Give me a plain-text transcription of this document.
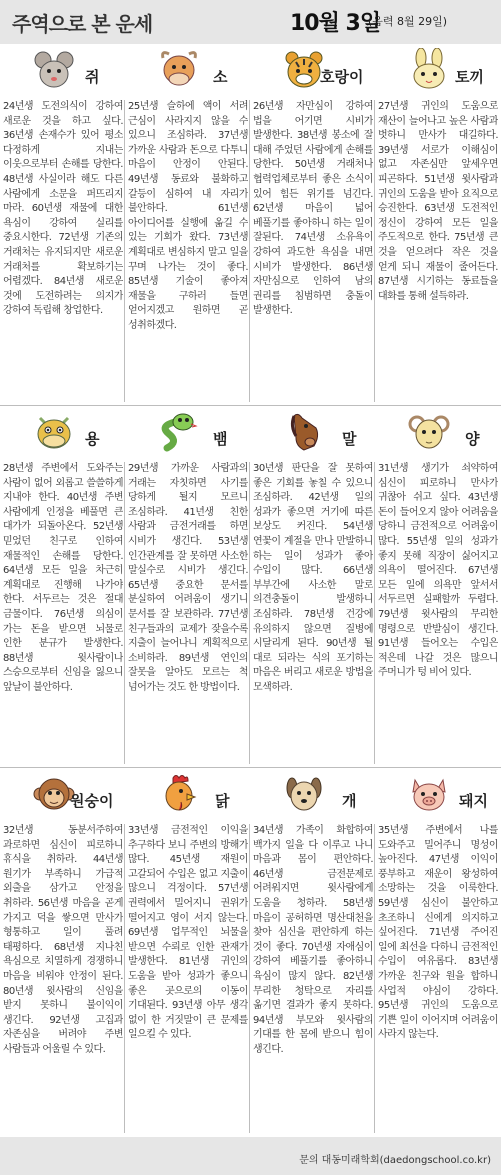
주역으로 본 운세	10월 3일
(음력 8월 29일)
쥐
24년생 도전의식이 강하여 새로운 것을 하고 싶다. 36년생 손재수가 있어 평소 다정하게 지내는 이웃으로부터 손해를 당한다. 48년생 사실이라 해도 다른 사람에게 소문을 퍼뜨리지 마라. 60년생 재물에 대한 욕심이 강하여 실리를 중요시한다. 72년생 기존의 거래처는 유지되지만 새로운 거래처를 확보하기는 어렵겠다. 84년생 새로운 것에 도전하려는 의지가 강하여 독립해 창업한다.
소
25년생 슬하에 액이 서려 근심이 사라지지 않을 수 있으니 조심하라. 37년생 가까운 사람과 돈으로 다투니 마음이 안정이 안된다. 49년생 동료와 불화하고 갈등이 심하여 내 자리가 불안하다. 61년생 아이디어를 실행에 옮길 수 있는 기회가 왔다. 73년생 계획대로 변심하지 말고 일을 꾸며 나가는 것이 좋다. 85년생 기술이 좋아져 재물을 구하러 들면 얻어지겠고 원하면 곧 성취하겠다.
호랑이
26년생 자만심이 강하여 법을 어기면 시비가 발생한다. 38년생 봉소에 잘 대해 주었던 사람에게 손해를 당한다. 50년생 거래처나 협력업체로부터 좋은 소식이 있어 힘든 위기를 넘긴다. 62년생 마음이 넓어 베풀기를 좋아하니 하는 일이 잘된다. 74년생 소유욕이 강하여 과도한 욕심을 내면 시비가 발생한다. 86년생 자만심으로 인하여 남의 권리를 침범하면 충돌이 발생한다.
토끼
27년생 귀인의 도움으로 재산이 늘어나고 높은 사람과 벗하니 만사가 대길하다. 39년생 서로가 이해심이 없고 자존심만 앞세우면 피곤하다. 51년생 윗사람과 귀인의 도움을 받아 요직으로 승진한다. 63년생 도전적인 정신이 강하여 모든 일을 주도적으로 한다. 75년생 큰 것을 얻으려다 작은 것을 얻게 되니 재물이 줄어든다. 87년생 시기하는 동료들을 대화를 통해 설득하라.
용
28년생 주변에서 도와주는 사람이 없어 외롭고 쓸쓸하게 지내야 한다. 40년생 주변 사람에게 인정을 베풀면 큰 대가가 되돌아온다. 52년생 믿었던 친구로 인하여 재물적인 손해를 당한다. 64년생 모든 일을 차근히 계획대로 진행해 나가야 한다. 서두르는 것은 절대 금물이다. 76년생 의심이 가는 돈을 받으면 뇌물로 인한 분규가 발생한다. 88년생 윗사람이나 스승으로부터 신임을 잃으니 앞날이 불안하다.
뱀
29년생 가까운 사람과의 거래는 자칫하면 사기를 당하게 될지 모르니 조심하라. 41년생 친한 사람과 금전거래를 하면 시비가 생긴다. 53년생 인간관계를 잘 못하면 사소한 말실수로 시비가 생긴다. 65년생 중요한 문서를 분실하여 어려움이 생기니 문서를 잘 보관하라. 77년생 친구들과의 교제가 잦을수록 지출이 늘어나니 계획적으로 소비하라. 89년생 연인의 잘못을 알아도 모르는 척 넘어가는 것도 한 방법이다.
말
30년생 판단을 잘 못하여 좋은 기회를 놓칠 수 있으니 조심하라. 42년생 일의 성과가 좋으면 거기에 따른 보상도 커진다. 54년생 연꽃이 계절을 만나 만발하니 하는 일이 성과가 좋아 수입이 많다. 66년생 부부간에 사소한 말로 의견충돌이 발생하니 조심하라. 78년생 건강에 유의하지 않으면 질병에 시달리게 된다. 90년생 될 대로 되라는 식의 포기하는 마음은 버리고 새로운 방법을 모색하라.
양
31년생 생기가 쇠약하여 심신이 피로하니 만사가 귀찮아 쉬고 싶다. 43년생 돈이 들어오지 않아 어려움을 당하니 금전적으로 어려움이 많다. 55년생 일의 성과가 좋지 못해 직장이 싫어지고 의욕이 떨어진다. 67년생 모든 일에 의욕만 앞서서 서두르면 실패할까 두렵다. 79년생 윗사람의 무리한 명령으로 반발심이 생긴다. 91년생 들어오는 수입은 적은데 나갈 것은 많으니 주머니가 텅 비어 있다.
원숭이
32년생 동분서주하여 과로하면 심신이 피로하니 휴식을 취하라. 44년생 원기가 부족하니 가급적 외출을 삼가고 안정을 취하라. 56년생 마음을 곧게 가지고 덕을 쌓으면 만사가 형통하고 일이 풀려 태평하다. 68년생 지나친 욕심으로 치열하게 경쟁하니 마음을 비워야 안정이 된다. 80년생 윗사람의 신임을 받지 못하니 불이익이 생긴다. 92년생 고집과 자존심을 버려야 주변 사람들과 어울릴 수 있다.
닭
33년생 금전적인 이익을 추구하다 보니 주변의 방해가 많다. 45년생 재원이 고갈되어 수입은 없고 지출이 많으니 걱정이다. 57년생 권력에서 밀어지니 권위가 떨어지고 영이 서지 않는다. 69년생 업무적인 뇌물을 받으면 수뢰로 인한 관재가 발생한다. 81년생 귀인의 도움을 받아 성과가 좋으니 좋은 곳으로의 이동이 기대된다. 93년생 아무 생각 없이 한 거짓말이 큰 문제를 일으킬 수 있다.
개
34년생 가족이 화합하여 백가지 일을 다 이루고 나니 마음과 몸이 편안하다. 46년생 금전문제로 어려워지면 윗사람에게 도움을 청하라. 58년생 마음이 공허하면 명산대천을 찾아 심신을 편안하게 하는 것이 좋다. 70년생 자애심이 강하여 베풀기를 좋아하니 육심이 많지 않다. 82년생 무리한 청탁으로 자리를 옮기면 결과가 좋지 못하다. 94년생 부모와 윗사람의 기대를 한 몸에 받으니 힘이 생긴다.
돼지
35년생 주변에서 나를 도와주고 밀어주니 명성이 높아진다. 47년생 이익이 풍부하고 재운이 왕성하여 소망하는 것을 이룩한다. 59년생 심신이 불안하고 초조하니 신에게 의지하고 싶어진다. 71년생 주어진 일에 최선을 다하니 금전적인 수입이 여유롭다. 83년생 가까운 친구와 원을 합하니 사업적 야심이 강하다. 95년생 귀인의 도움으로 기쁜 일이 이어지며 어려움이 사라지 않는다.
문의 대동미래학회(daedongschool.co.kr)
